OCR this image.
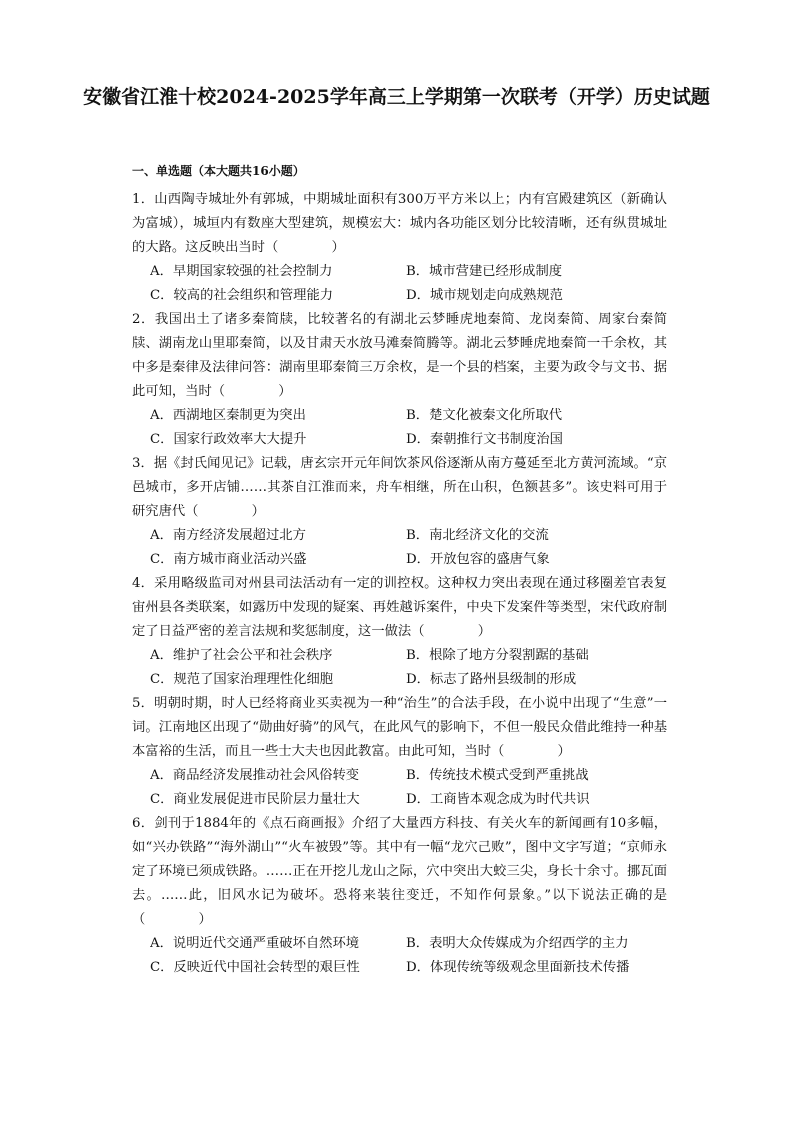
安徽省江淮十校2024-2025学年高三上学期第一次联考（开学）历史试题
一、单选题（本大题共16小题）
1．山西陶寺城址外有郭城，中期城址面积有300万平方米以上；内有宫殿建筑区（新确认为富城），城垣内有数座大型建筑，规模宏大：城内各功能区划分比较清晰，还有纵贯城址的大路。这反映出当时（　　　　）
A．早期国家较强的社会控制力	B．城市营建已经形成制度
C．较高的社会组织和管理能力	D．城市规划走向成熟规范
2．我国出土了诸多秦简牍，比较著名的有湖北云梦睡虎地秦简、龙岗秦简、周家台秦简牍、湖南龙山里耶秦简，以及甘肃天水放马滩秦简腾等。湖北云梦睡虎地秦简一千余枚，其中多是秦律及法律问答：湖南里耶秦简三万余枚，是一个县的档案，主要为政令与文书、据此可知，当时（　　　　）
A．西湖地区秦制更为突出	B．楚文化被秦文化所取代
C．国家行政效率大大提升	D．秦朝推行文书制度治国
3．据《封氏闻见记》记载，唐玄宗开元年间饮茶风俗逐渐从南方蔓延至北方黄河流域。“京邑城市，多开店铺……其茶自江淮而来，舟车相继，所在山积，色额甚多”。该史料可用于研究唐代（　　　　）
A．南方经济发展超过北方	B．南北经济文化的交流
C．南方城市商业活动兴盛	D．开放包容的盛唐气象
4．采用略级监司对州县司法活动有一定的训控权。这种权力突出表现在通过移圈差官表复宙州县各类联案，如露历中发现的疑案、再姓越诉案件，中央下发案件等类型，宋代政府制定了日益严密的差言法规和奖惩制度，这一做法（　　　　）
A．维护了社会公平和社会秩序	B．根除了地方分裂割踞的基础
C．规范了国家治理理性化细胞	D．标志了路州县级制的形成
5．明朝时期，时人已经将商业买卖视为一种“治生”的合法手段，在小说中出现了“生意”一词。江南地区出现了“勋曲好骑”的风气，在此风气的影响下，不但一般民众借此维持一种基本富裕的生活，而且一些士大夫也因此教富。由此可知，当时（　　　　）
A．商品经济发展推动社会风俗转变	B．传统技术模式受到严重挑战
C．商业发展促进市民阶层力量壮大	D．工商皆本观念成为时代共识
6．剑刊于1884年的《点石商画报》介绍了大量西方科技、有关火车的新闻画有10多幅，如“兴办铁路”“海外湖山”“火车被毁”等。其中有一幅“龙穴己败”，图中文字写道；“京师永定了环境已须成铁路。……正在开挖儿龙山之际，穴中突出大蛟三尖，身长十余寸。挪瓦面去。……此，旧风水记为破坏。恐将来装往变迁，不知作何景象。”以下说法正确的是（　　　　）
A．说明近代交通严重破坏自然环境	B．表明大众传媒成为介绍西学的主力
C．反映近代中国社会转型的艰巨性	D．体现传统等级观念里面新技术传播
